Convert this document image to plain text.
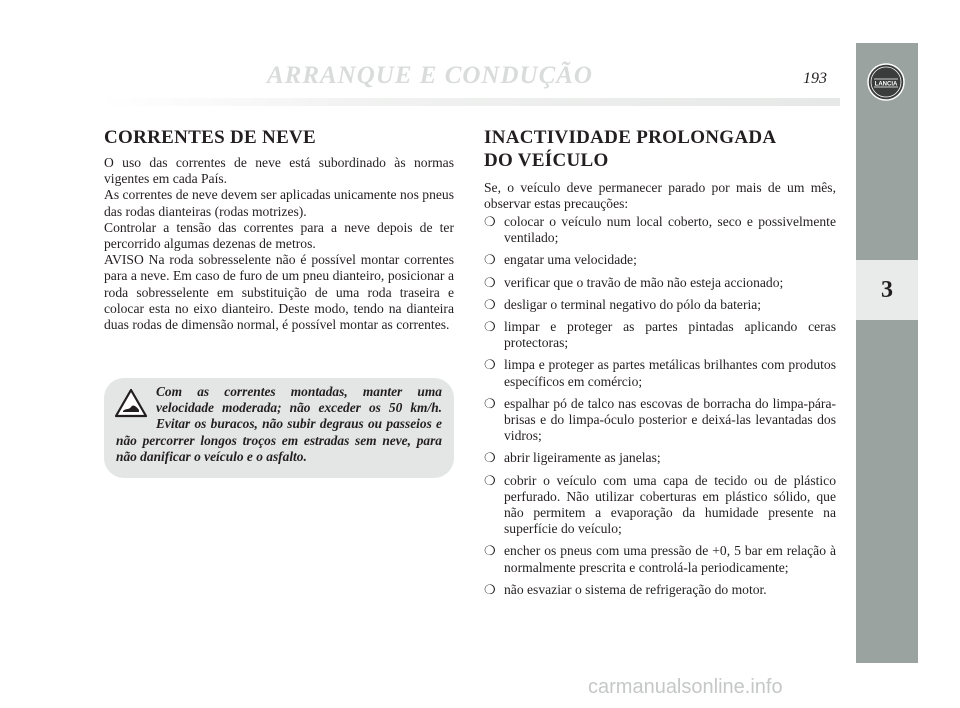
ARRANQUE E CONDUÇÃO	193	LANCIA
3
CORRENTES DE NEVE

O uso das correntes de neve está subordinado às normas vigentes em cada País.

As correntes de neve devem ser aplicadas unicamente nos pneus das rodas dianteiras (rodas motrizes).

Controlar a tensão das correntes para a neve depois de ter percorrido algumas dezenas de metros.

AVISO Na roda sobresselente não é possível montar correntes para a neve. Em caso de furo de um pneu dianteiro, posicionar a roda sobresselente em substituição de uma roda traseira e colocar esta no eixo dianteiro. Deste modo, tendo na dianteira duas rodas de dimensão normal, é possível montar as correntes.

Com as correntes montadas, manter uma velocidade moderada; não exceder os 50 km/h. Evitar os buracos, não subir degraus ou passeios e não percorrer longos troços em estradas sem neve, para não danificar o veículo e o asfalto.

INACTIVIDADE PROLONGADA
DO VEÍCULO
Se, o veículo deve permanecer parado por mais de um mês, observar estas precauções:
❍ colocar o veículo num local coberto, seco e possivelmente ventilado;
❍ engatar uma velocidade;
❍ verificar que o travão de mão não esteja accionado;
❍ desligar o terminal negativo do pólo da bateria;
❍ limpar e proteger as partes pintadas aplicando ceras protectoras;
❍ limpa e proteger as partes metálicas brilhantes com produtos específicos em comércio;
❍ espalhar pó de talco nas escovas de borracha do limpa-pára-brisas e do limpa-óculo posterior e deixá-las levantadas dos vidros;
❍ abrir ligeiramente as janelas;
❍ cobrir o veículo com uma capa de tecido ou de plástico perfurado. Não utilizar coberturas em plástico sólido, que não permitem a evaporação da humidade presente na superfície do veículo;
❍ encher os pneus com uma pressão de +0, 5 bar em relação à normalmente prescrita e controlá-la periodicamente;
❍ não esvaziar o sistema de refrigeração do motor.
carmanualsonline.info
